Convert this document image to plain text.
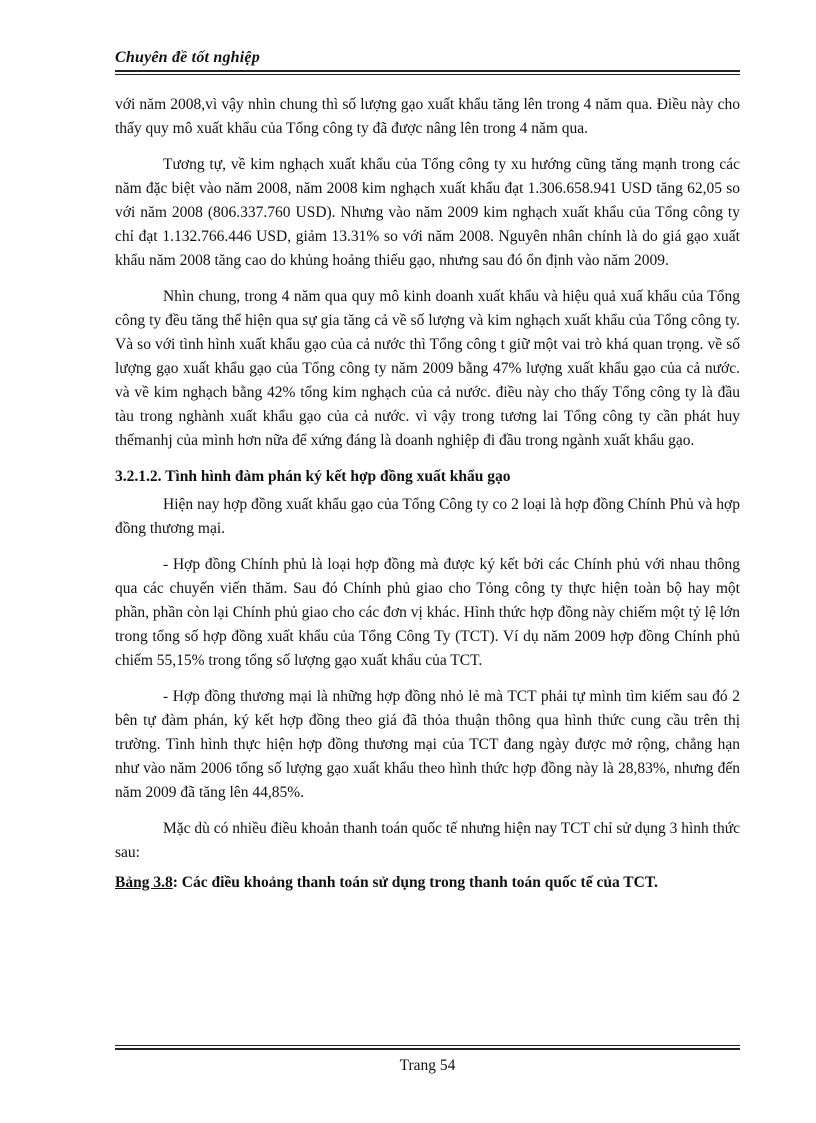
Chuyên đề tốt nghiệp

với năm 2008,vì vậy nhìn chung thì số lượng gạo xuất khẩu tăng lên trong 4 năm qua. Điều này cho thấy quy mô xuất khẩu của Tổng công ty đã được nâng lên trong 4 năm qua.

Tương tự, về kim nghạch xuất khẩu của Tổng công ty xu hướng cũng tăng mạnh trong các năm đặc biệt vào năm 2008, năm 2008 kim nghạch xuất khẩu đạt 1.306.658.941 USD tăng 62,05 so với năm 2008 (806.337.760 USD). Nhưng vào năm 2009 kim nghạch xuất khẩu của Tổng công ty chỉ đạt 1.132.766.446 USD, giảm 13.31% so với năm 2008. Nguyên nhân chính là do giá gạo xuất khẩu năm 2008 tăng cao do khủng hoảng thiếu gạo, nhưng sau đó ổn định vào năm 2009.

Nhìn chung, trong 4 năm qua quy mô kinh doanh xuất khẩu và hiệu quả xuấ khẩu của Tổng công ty đều tăng thể hiện qua sự gia tăng cả về số lượng và kim nghạch xuất khẩu của Tổng công ty. Và so với tình hình xuất khẩu gạo của cả nước thì Tổng công t giữ một vai trò khá quan trọng. về số lượng gạo xuất khẩu gạo của Tổng công ty năm 2009 bằng 47% lượng xuất khẩu gạo của cả nước. và về kim nghạch bằng 42% tổng kim nghạch của cả nước. điều này cho thấy Tổng công ty là đầu tàu trong nghành xuất khẩu gạo của cả nước. vì vậy trong tương lai Tổng công ty cần phát huy thếmanhj của mình hơn nữa để xứng đáng là doanh nghiệp đi đầu trong ngành xuất khẩu gạo.

3.2.1.2. Tình hình đàm phán ký kết hợp đồng xuất khẩu gạo

Hiện nay hợp đồng xuất khẩu gạo của Tổng Công ty co 2 loại là hợp đồng Chính Phủ và hợp đồng thương mại.

- Hợp đồng Chính phủ là loại hợp đồng mà được ký kết bởi các Chính phủ với nhau thông qua các chuyến viến thăm. Sau đó Chính phủ giao cho Tỏng công ty thực hiện toàn bộ hay một phần, phần còn lại Chính phủ giao cho các đơn vị khác. Hình thức hợp đồng này chiếm một tỷ lệ lớn trong tổng số hợp đồng xuất khẩu của Tổng Công Ty (TCT). Ví dụ năm 2009 hợp đồng Chính phủ chiếm 55,15% trong tổng số lượng gạo xuất khẩu của TCT.

- Hợp đồng thương mại là những hợp đồng nhỏ lẻ mà TCT phải tự mình tìm kiếm sau đó 2 bên tự đàm phán, ký kết hợp đồng theo giá đã thỏa thuận thông qua hình thức cung cầu trên thị trường. Tình hình thực hiện hợp đồng thương mại của TCT đang ngày được mở rộng, chẳng hạn như vào năm 2006 tổng số lượng gạo xuất khẩu theo hình thức hợp đồng này là 28,83%, nhưng đến năm 2009 đã tăng lên 44,85%.

Mặc dù có nhiều điều khoản thanh toán quốc tế nhưng hiện nay TCT chỉ sử dụng 3 hình thức sau:

Bảng 3.8: Các điều khoảng thanh toán sử dụng trong thanh toán quốc tế của TCT.
Trang 54
